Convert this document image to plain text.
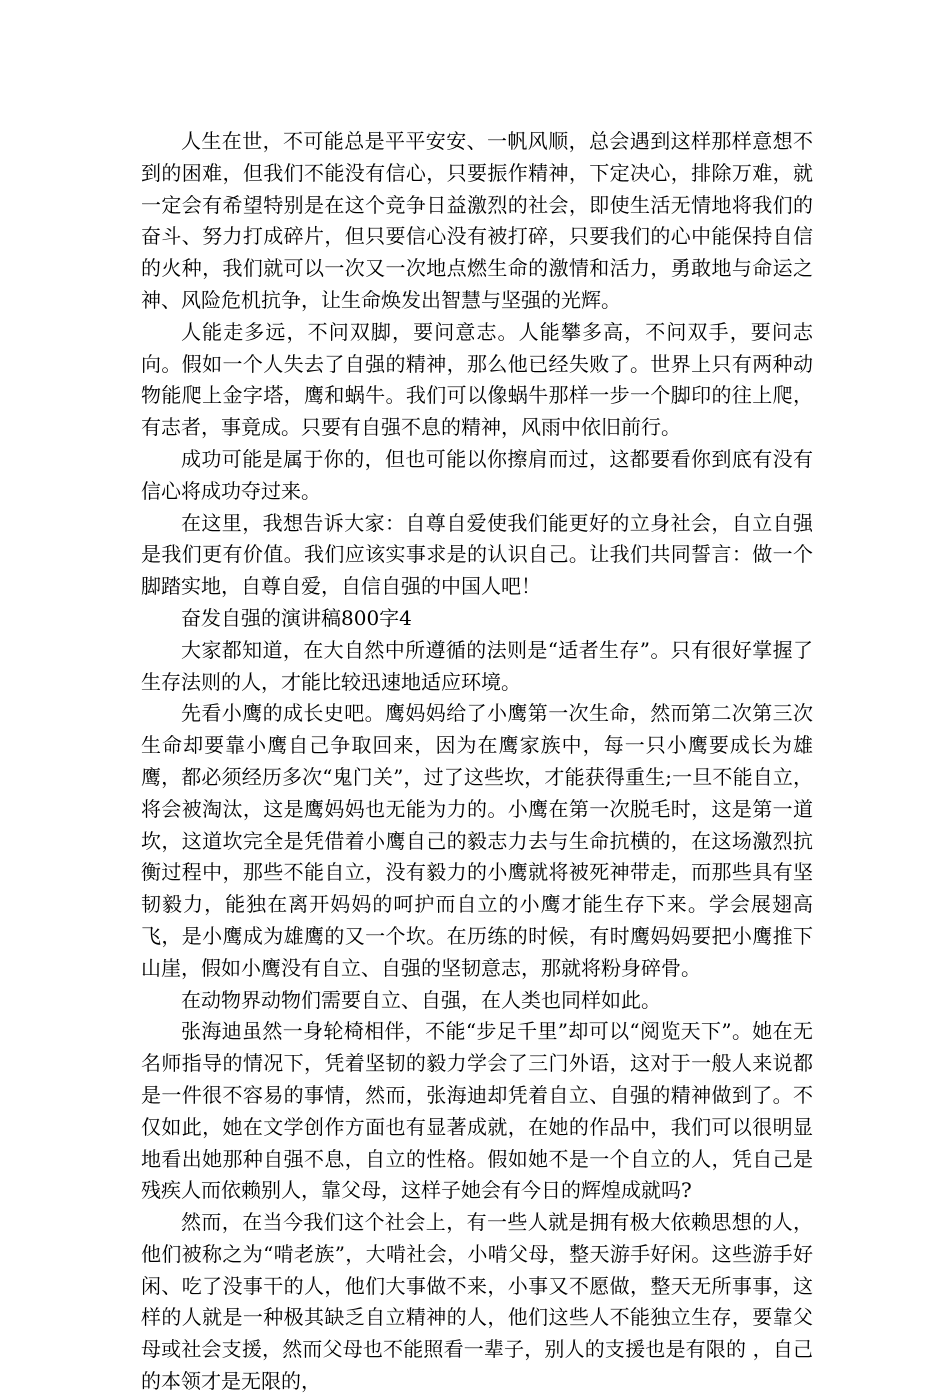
人生在世，不可能总是平平安安、一帆风顺，总会遇到这样那样意想不到的困难，但我们不能没有信心，只要振作精神，下定决心，排除万难，就一定会有希望特别是在这个竞争日益激烈的社会，即使生活无情地将我们的奋斗、努力打成碎片，但只要信心没有被打碎，只要我们的心中能保持自信的火种，我们就可以一次又一次地点燃生命的激情和活力，勇敢地与命运之神、风险危机抗争，让生命焕发出智慧与坚强的光辉。

人能走多远，不问双脚，要问意志。人能攀多高，不问双手，要问志向。假如一个人失去了自强的精神，那么他已经失败了。世界上只有两种动物能爬上金字塔，鹰和蜗牛。我们可以像蜗牛那样一步一个脚印的往上爬，有志者，事竟成。只要有自强不息的精神，风雨中依旧前行。

成功可能是属于你的，但也可能以你擦肩而过，这都要看你到底有没有信心将成功夺过来。

在这里，我想告诉大家：自尊自爱使我们能更好的立身社会，自立自强是我们更有价值。我们应该实事求是的认识自己。让我们共同誓言：做一个脚踏实地，自尊自爱，自信自强的中国人吧！

奋发自强的演讲稿800字4

大家都知道，在大自然中所遵循的法则是“适者生存”。只有很好掌握了生存法则的人，才能比较迅速地适应环境。

先看小鹰的成长史吧。鹰妈妈给了小鹰第一次生命，然而第二次第三次生命却要靠小鹰自己争取回来，因为在鹰家族中，每一只小鹰要成长为雄鹰，都必须经历多次“鬼门关”，过了这些坎，才能获得重生;一旦不能自立，将会被淘汰，这是鹰妈妈也无能为力的。小鹰在第一次脱毛时，这是第一道坎，这道坎完全是凭借着小鹰自己的毅志力去与生命抗横的，在这场激烈抗衡过程中，那些不能自立，没有毅力的小鹰就将被死神带走，而那些具有坚韧毅力，能独在离开妈妈的呵护而自立的小鹰才能生存下来。学会展翅高飞，是小鹰成为雄鹰的又一个坎。在历练的时候，有时鹰妈妈要把小鹰推下山崖，假如小鹰没有自立、自强的坚韧意志，那就将粉身碎骨。

在动物界动物们需要自立、自强，在人类也同样如此。

张海迪虽然一身轮椅相伴，不能“步足千里”却可以“阅览天下”。她在无名师指导的情况下，凭着坚韧的毅力学会了三门外语，这对于一般人来说都是一件很不容易的事情，然而，张海迪却凭着自立、自强的精神做到了。不仅如此，她在文学创作方面也有显著成就，在她的作品中，我们可以很明显地看出她那种自强不息，自立的性格。假如她不是一个自立的人，凭自己是残疾人而依赖别人，靠父母，这样子她会有今日的辉煌成就吗?

然而，在当今我们这个社会上，有一些人就是拥有极大依赖思想的人，他们被称之为“啃老族”，大啃社会，小啃父母，整天游手好闲。这些游手好闲、吃了没事干的人，他们大事做不来，小事又不愿做，整天无所事事，这样的人就是一种极其缺乏自立精神的人，他们这些人不能独立生存，要靠父母或社会支援，然而父母也不能照看一辈子，别人的支援也是有限的 ，自己的本领才是无限的，
